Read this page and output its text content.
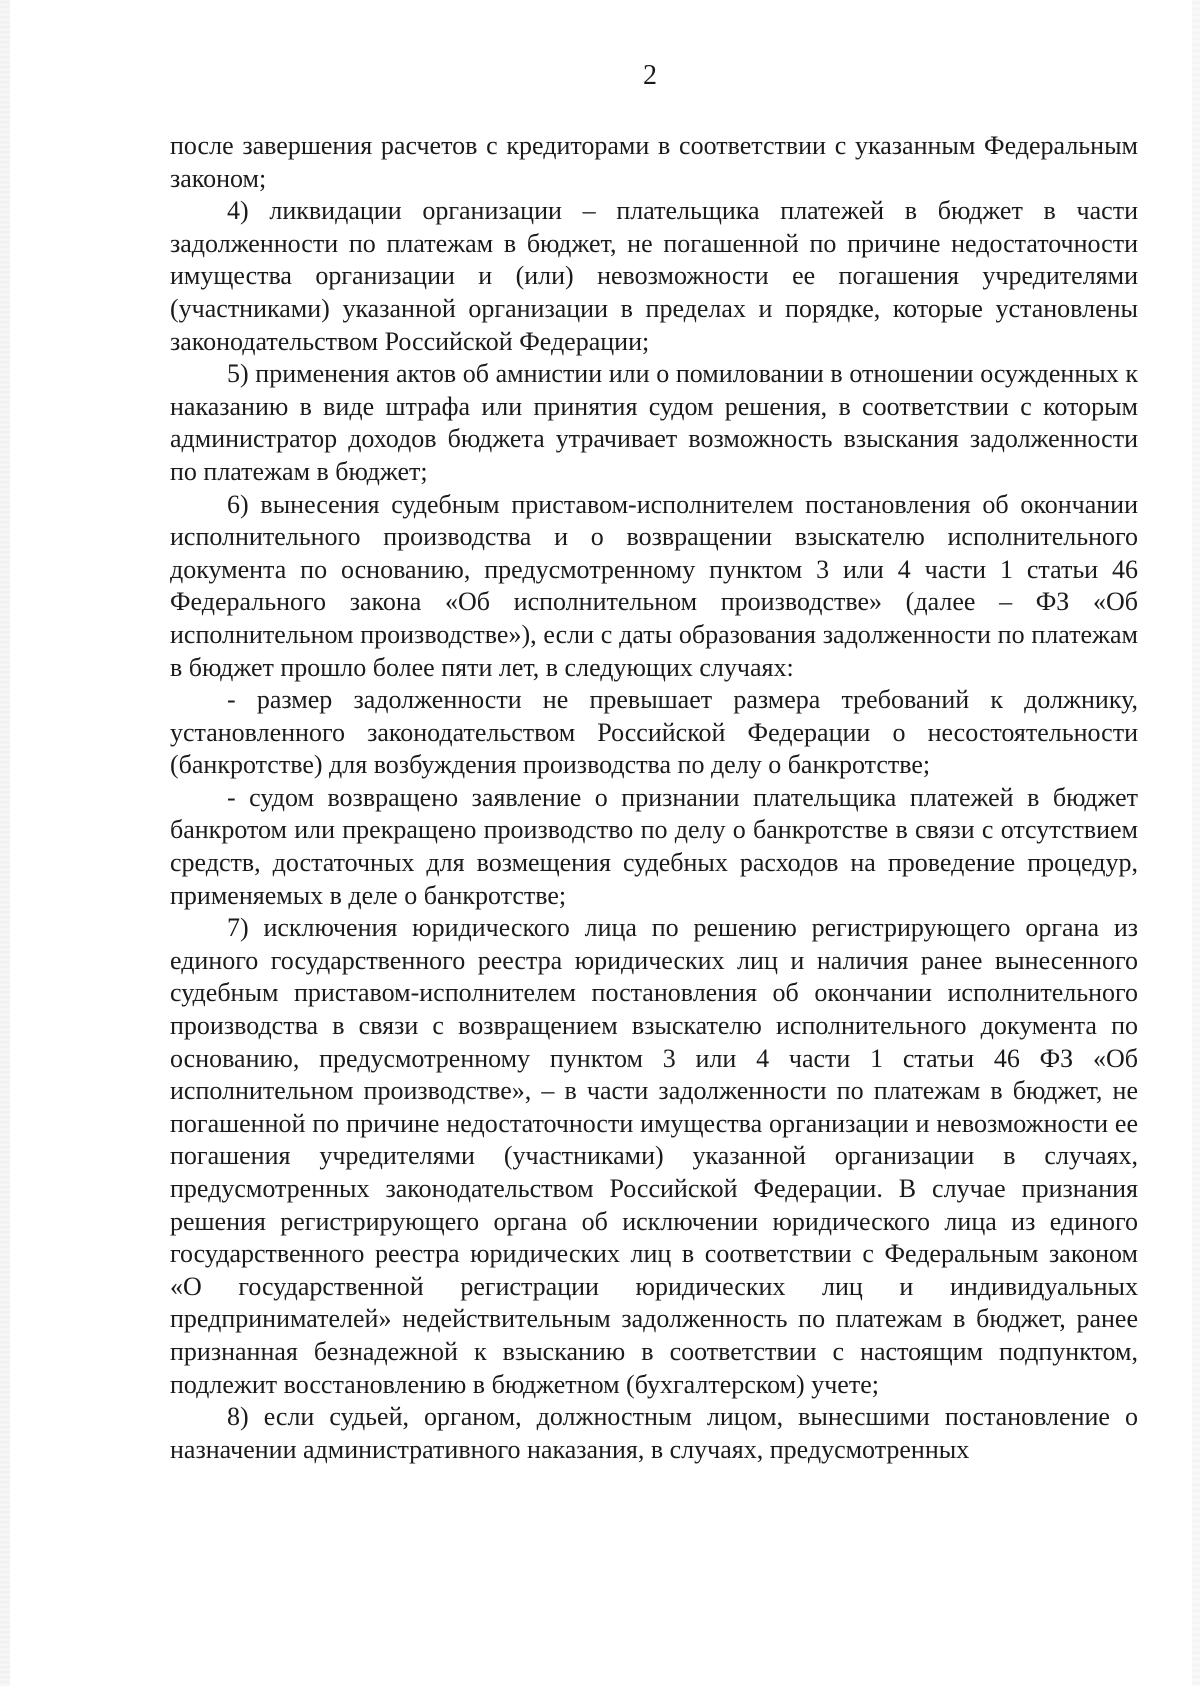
2

после завершения расчетов с кредиторами в соответствии с указанным Федеральным законом;

4) ликвидации организации – плательщика платежей в бюджет в части задолженности по платежам в бюджет, не погашенной по причине недостаточности имущества организации и (или) невозможности ее погашения учредителями (участниками) указанной организации в пределах и порядке, которые установлены законодательством Российской Федерации;

5) применения актов об амнистии или о помиловании в отношении осужденных к наказанию в виде штрафа или принятия судом решения, в соответствии с которым администратор доходов бюджета утрачивает возможность взыскания задолженности по платежам в бюджет;

6) вынесения судебным приставом-исполнителем постановления об окончании исполнительного производства и о возвращении взыскателю исполнительного документа по основанию, предусмотренному пунктом 3 или 4 части 1 статьи 46 Федерального закона «Об исполнительном производстве» (далее – ФЗ «Об исполнительном производстве»), если с даты образования задолженности по платежам в бюджет прошло более пяти лет, в следующих случаях:

- размер задолженности не превышает размера требований к должнику, установленного законодательством Российской Федерации о несостоятельности (банкротстве) для возбуждения производства по делу о банкротстве;

- судом возвращено заявление о признании плательщика платежей в бюджет банкротом или прекращено производство по делу о банкротстве в связи с отсутствием средств, достаточных для возмещения судебных расходов на проведение процедур, применяемых в деле о банкротстве;

7) исключения юридического лица по решению регистрирующего органа из единого государственного реестра юридических лиц и наличия ранее вынесенного судебным приставом-исполнителем постановления об окончании исполнительного производства в связи с возвращением взыскателю исполнительного документа по основанию, предусмотренному пунктом 3 или 4 части 1 статьи 46 ФЗ «Об исполнительном производстве», – в части задолженности по платежам в бюджет, не погашенной по причине недостаточности имущества организации и невозможности ее погашения учредителями (участниками) указанной организации в случаях, предусмотренных законодательством Российской Федерации. В случае признания решения регистрирующего органа об исключении юридического лица из единого государственного реестра юридических лиц в соответствии с Федеральным законом «О государственной регистрации юридических лиц и индивидуальных предпринимателей» недействительным задолженность по платежам в бюджет, ранее признанная безнадежной к взысканию в соответствии с настоящим подпунктом, подлежит восстановлению в бюджетном (бухгалтерском) учете;

8) если судьей, органом, должностным лицом, вынесшими постановление о назначении административного наказания, в случаях, предусмотренных
